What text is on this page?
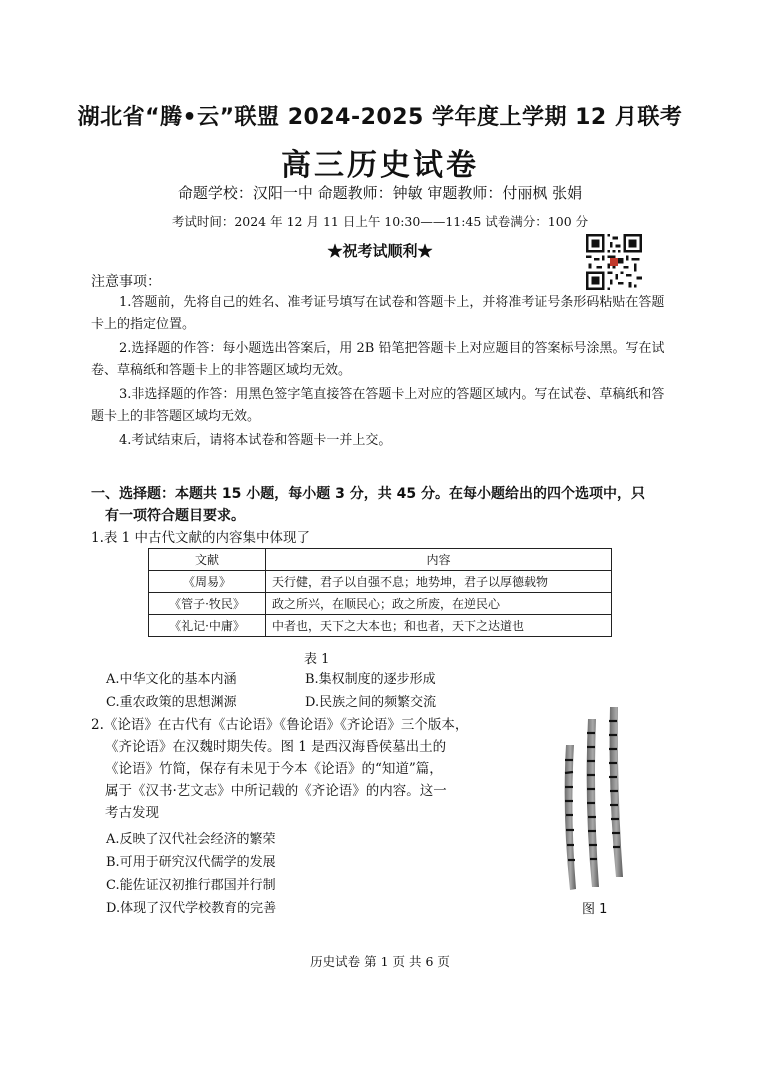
湖北省“腾•云”联盟 2024-2025 学年度上学期 12 月联考
高三历史试卷
命题学校：汉阳一中 命题教师：钟敏 审题教师：付丽枫 张娟
考试时间：2024 年 12 月 11 日上午 10:30——11:45 试卷满分：100 分
★祝考试顺利★
注意事项：
1.答题前，先将自己的姓名、准考证号填写在试卷和答题卡上，并将准考证号条形码粘贴在答题卡上的指定位置。
2.选择题的作答：每小题选出答案后，用 2B 铅笔把答题卡上对应题目的答案标号涂黑。写在试卷、草稿纸和答题卡上的非答题区域均无效。
3.非选择题的作答：用黑色签字笔直接答在答题卡上对应的答题区域内。写在试卷、草稿纸和答题卡上的非答题区域均无效。
4.考试结束后，请将本试卷和答题卡一并上交。
一、选择题：本题共 15 小题，每小题 3 分，共 45 分。在每小题给出的四个选项中，只
有一项符合题目要求。
1.表 1 中古代文献的内容集中体现了
文献	内容
《周易》	天行健，君子以自强不息；地势坤，君子以厚德载物
《管子·牧民》	政之所兴，在顺民心；政之所废，在逆民心
《礼记·中庸》	中者也，天下之大本也；和也者，天下之达道也
表 1
A.中华文化的基本内涵	B.集权制度的逐步形成
C.重农政策的思想渊源	D.民族之间的频繁交流
2.《论语》在古代有《古论语》《鲁论语》《齐论语》三个版本，
《齐论语》在汉魏时期失传。图 1 是西汉海昏侯墓出土的
《论语》竹简，保存有未见于今本《论语》的“知道”篇，
属于《汉书·艺文志》中所记载的《齐论语》的内容。这一
考古发现
A.反映了汉代社会经济的繁荣
B.可用于研究汉代儒学的发展
C.能佐证汉初推行郡国并行制
D.体现了汉代学校教育的完善	图 1
历史试卷 第 1 页 共 6 页
